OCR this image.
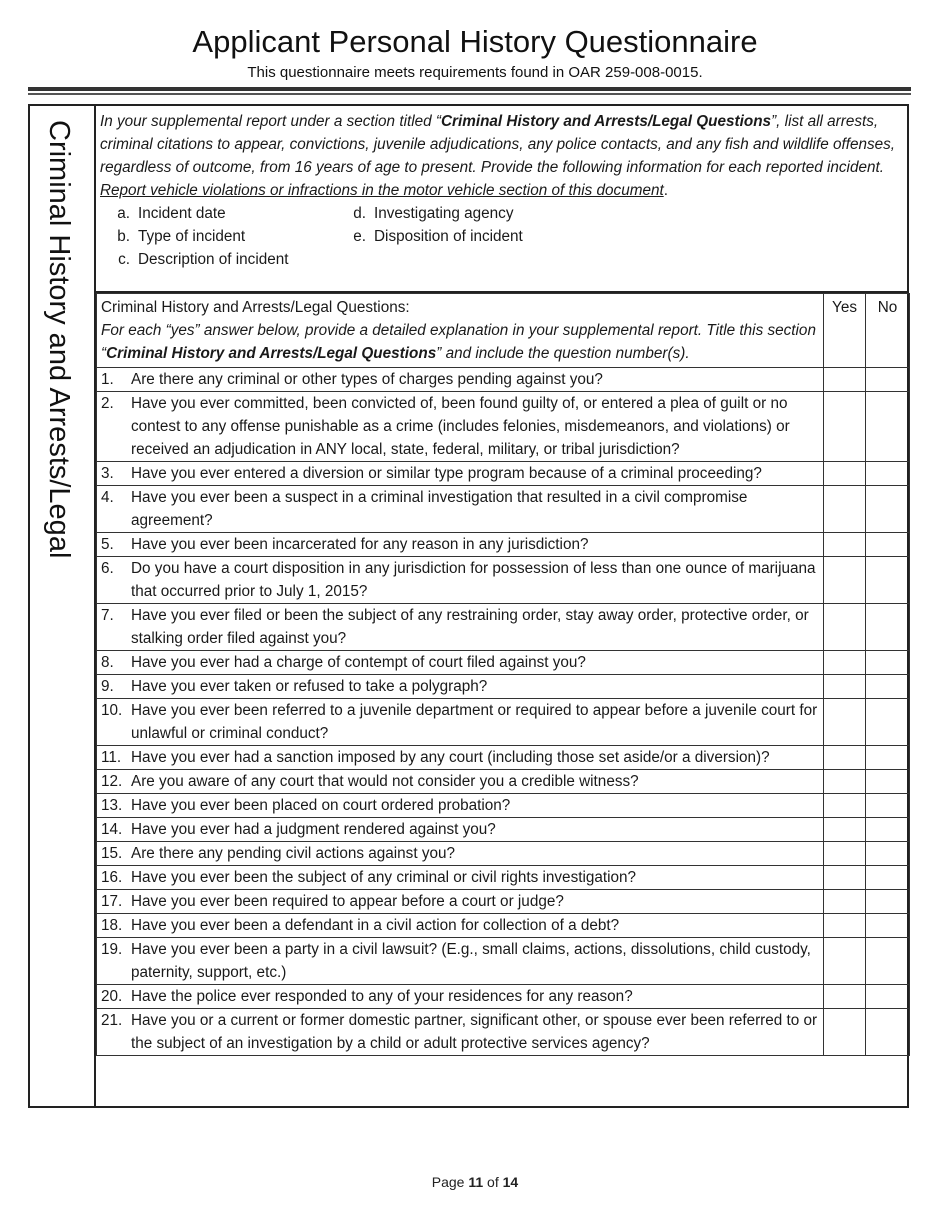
Applicant Personal History Questionnaire
This questionnaire meets requirements found in OAR 259-008-0015.
Criminal History and Arrests/Legal In your supplemental report under a section titled “Criminal History and Arrests/Legal Questions”, list all arrests, criminal citations to appear, convictions, juvenile adjudications, any police contacts, and any fish and wildlife offenses, regardless of outcome, from 16 years of age to present. Provide the following information for each reported incident. Report vehicle violations or infractions in the motor vehicle section of this document.
a. Incident date
b. Type of incident
c. Description of incident
d. Investigating agency
e. Disposition of incident
Criminal History and Arrests/Legal Questions:
For each “yes” answer below, provide a detailed explanation in your supplemental report. Title this section “Criminal History and Arrests/Legal Questions” and include the question number(s).	Yes	No

1. Are there any criminal or other types of charges pending against you?		

2. Have you ever committed, been convicted of, been found guilty of, or entered a plea of guilt or no contest to any offense punishable as a crime (includes felonies, misdemeanors, and violations) or received an adjudication in ANY local, state, federal, military, or tribal jurisdiction?		

3. Have you ever entered a diversion or similar type program because of a criminal proceeding?		

4. Have you ever been a suspect in a criminal investigation that resulted in a civil compromise agreement?		

5. Have you ever been incarcerated for any reason in any jurisdiction?		

6. Do you have a court disposition in any jurisdiction for possession of less than one ounce of marijuana that occurred prior to July 1, 2015?		

7. Have you ever filed or been the subject of any restraining order, stay away order, protective order, or stalking order filed against you?		

8. Have you ever had a charge of contempt of court filed against you?		

9. Have you ever taken or refused to take a polygraph?		

10. Have you ever been referred to a juvenile department or required to appear before a juvenile court for unlawful or criminal conduct?		

11. Have you ever had a sanction imposed by any court (including those set aside/or a diversion)?		

12. Are you aware of any court that would not consider you a credible witness?		

13. Have you ever been placed on court ordered probation?		

14. Have you ever had a judgment rendered against you?		

15. Are there any pending civil actions against you?		

16. Have you ever been the subject of any criminal or civil rights investigation?		

17. Have you ever been required to appear before a court or judge?		

18. Have you ever been a defendant in a civil action for collection of a debt?		

19. Have you ever been a party in a civil lawsuit? (E.g., small claims, actions, dissolutions, child custody, paternity, support, etc.)		

20. Have the police ever responded to any of your residences for any reason?		

21. Have you or a current or former domestic partner, significant other, or spouse ever been referred to or the subject of an investigation by a child or adult protective services agency?		

Page 11 of 14
